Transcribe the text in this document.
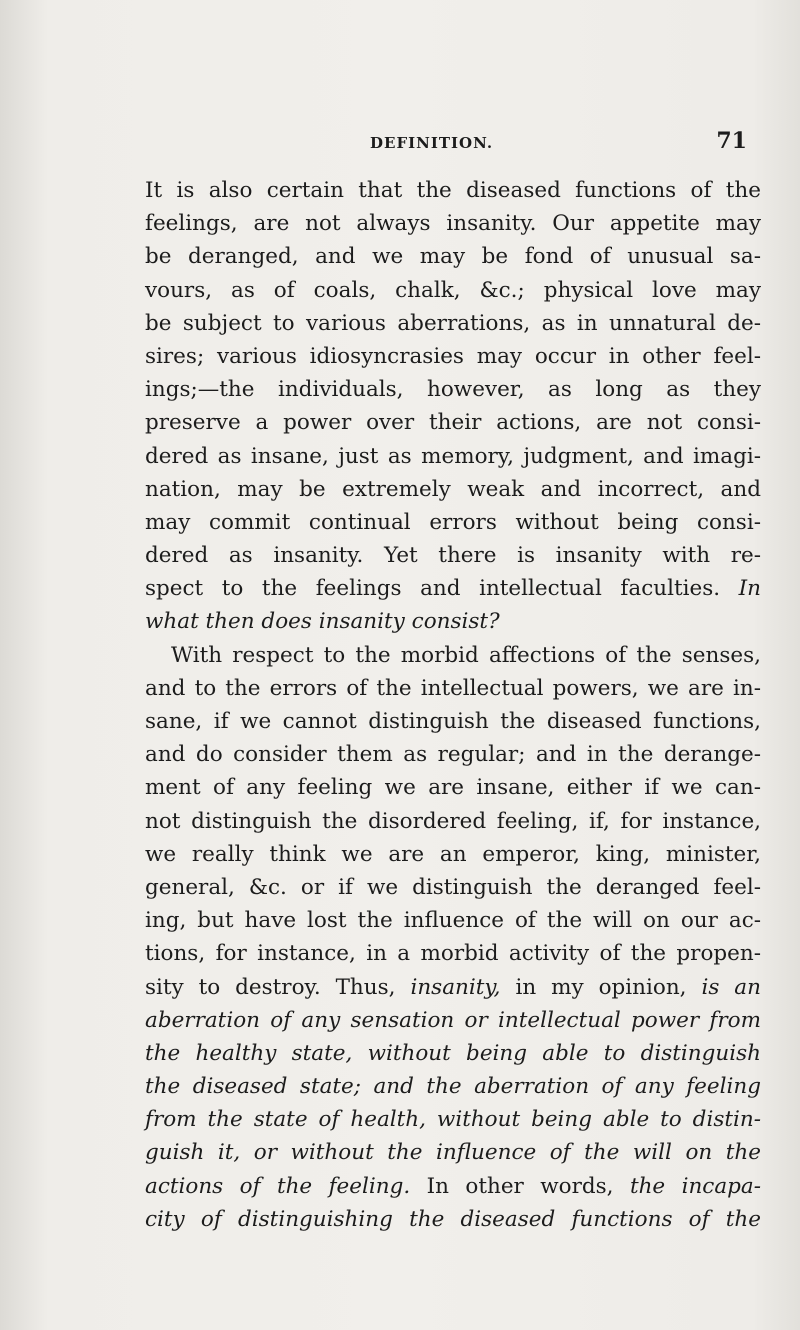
DEFINITION.	71
It is also certain that the diseased functions of the
feelings, are not always insanity. Our appetite may
be deranged, and we may be fond of unusual sa-
vours, as of coals, chalk, &c.; physical love may
be subject to various aberrations, as in unnatural de-
sires; various idiosyncrasies may occur in other feel-
ings;—the individuals, however, as long as they
preserve a power over their actions, are not consi-
dered as insane, just as memory, judgment, and imagi-
nation, may be extremely weak and incorrect, and
may commit continual errors without being consi-
dered as insanity. Yet there is insanity with re-
spect to the feelings and intellectual faculties. In
what then does insanity consist?
With respect to the morbid affections of the senses,
and to the errors of the intellectual powers, we are in-
sane, if we cannot distinguish the diseased functions,
and do consider them as regular; and in the derange-
ment of any feeling we are insane, either if we can-
not distinguish the disordered feeling, if, for instance,
we really think we are an emperor, king, minister,
general, &c. or if we distinguish the deranged feel-
ing, but have lost the influence of the will on our ac-
tions, for instance, in a morbid activity of the propen-
sity to destroy. Thus, insanity, in my opinion, is an
aberration of any sensation or intellectual power from
the healthy state, without being able to distinguish
the diseased state; and the aberration of any feeling
from the state of health, without being able to distin-
guish it, or without the influence of the will on the
actions of the feeling. In other words, the incapa-
city of distinguishing the diseased functions of the
